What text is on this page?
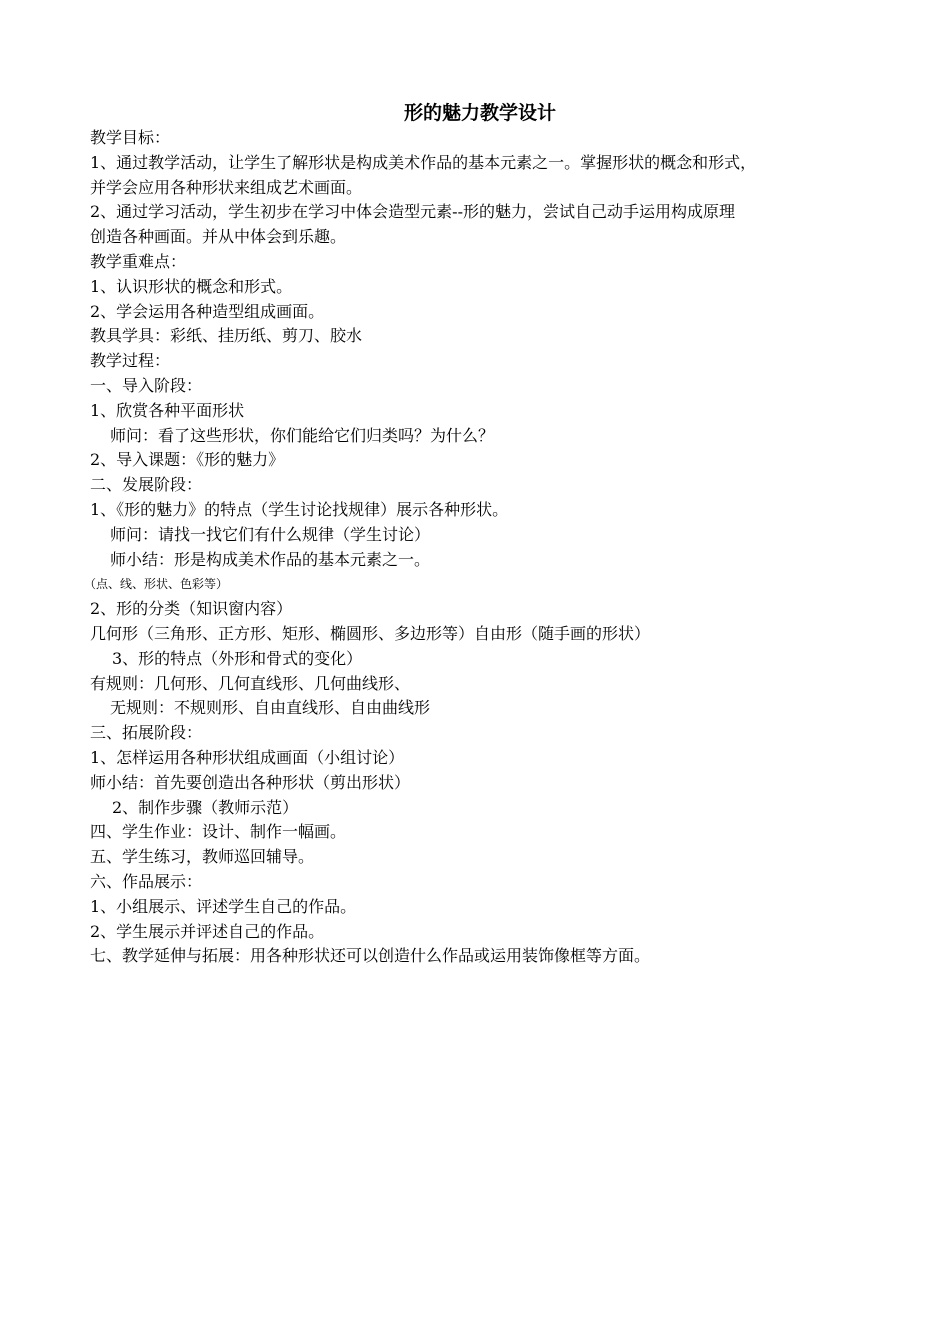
形的魅力教学设计
教学目标：
1、通过教学活动，让学生了解形状是构成美术作品的基本元素之一。掌握形状的概念和形式，
并学会应用各种形状来组成艺术画面。
2、通过学习活动，学生初步在学习中体会造型元素--形的魅力，尝试自己动手运用构成原理
创造各种画面。并从中体会到乐趣。
教学重难点：
1、认识形状的概念和形式。
2、学会运用各种造型组成画面。
教具学具：彩纸、挂历纸、剪刀、胶水
教学过程：
一、导入阶段：
1、欣赏各种平面形状
师问：看了这些形状，你们能给它们归类吗？为什么？
2、导入课题：《形的魅力》
二、发展阶段：
1、《形的魅力》的特点（学生讨论找规律）展示各种形状。
师问：请找一找它们有什么规律（学生讨论）
师小结：形是构成美术作品的基本元素之一。
（点、线、形状、色彩等）
2、形的分类（知识窗内容）
几何形（三角形、正方形、矩形、椭圆形、多边形等）自由形（随手画的形状）
3、形的特点（外形和骨式的变化）
有规则：几何形、几何直线形、几何曲线形、
无规则：不规则形、自由直线形、自由曲线形
三、拓展阶段：
1、怎样运用各种形状组成画面（小组讨论）
师小结：首先要创造出各种形状（剪出形状）
2、制作步骤（教师示范）
四、学生作业：设计、制作一幅画。
五、学生练习，教师巡回辅导。
六、作品展示：
1、小组展示、评述学生自己的作品。
2、学生展示并评述自己的作品。
七、教学延伸与拓展：用各种形状还可以创造什么作品或运用装饰像框等方面。
